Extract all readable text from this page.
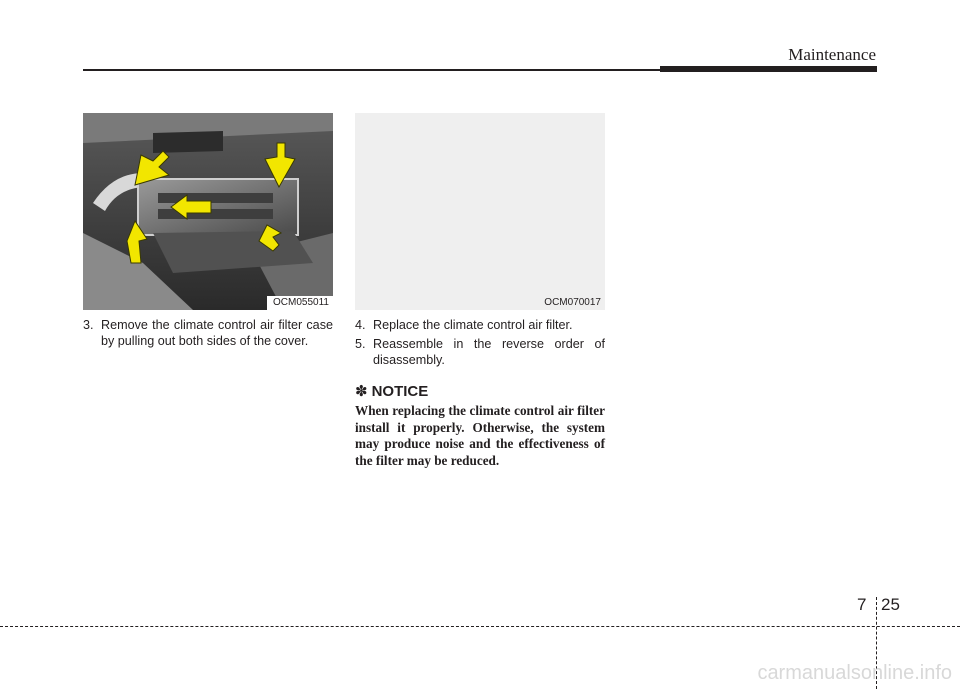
Maintenance
OCM055011	OCM070017

3. Remove the climate control air filter case by pulling out both sides of the cover.

4. Replace the climate control air filter.

5. Reassemble in the reverse order of disassembly.

✽ NOTICE

When replacing the climate control air filter install it properly. Otherwise, the system may produce noise and the effectiveness of the filter may be reduced.

7 25
carmanualsonline.info
